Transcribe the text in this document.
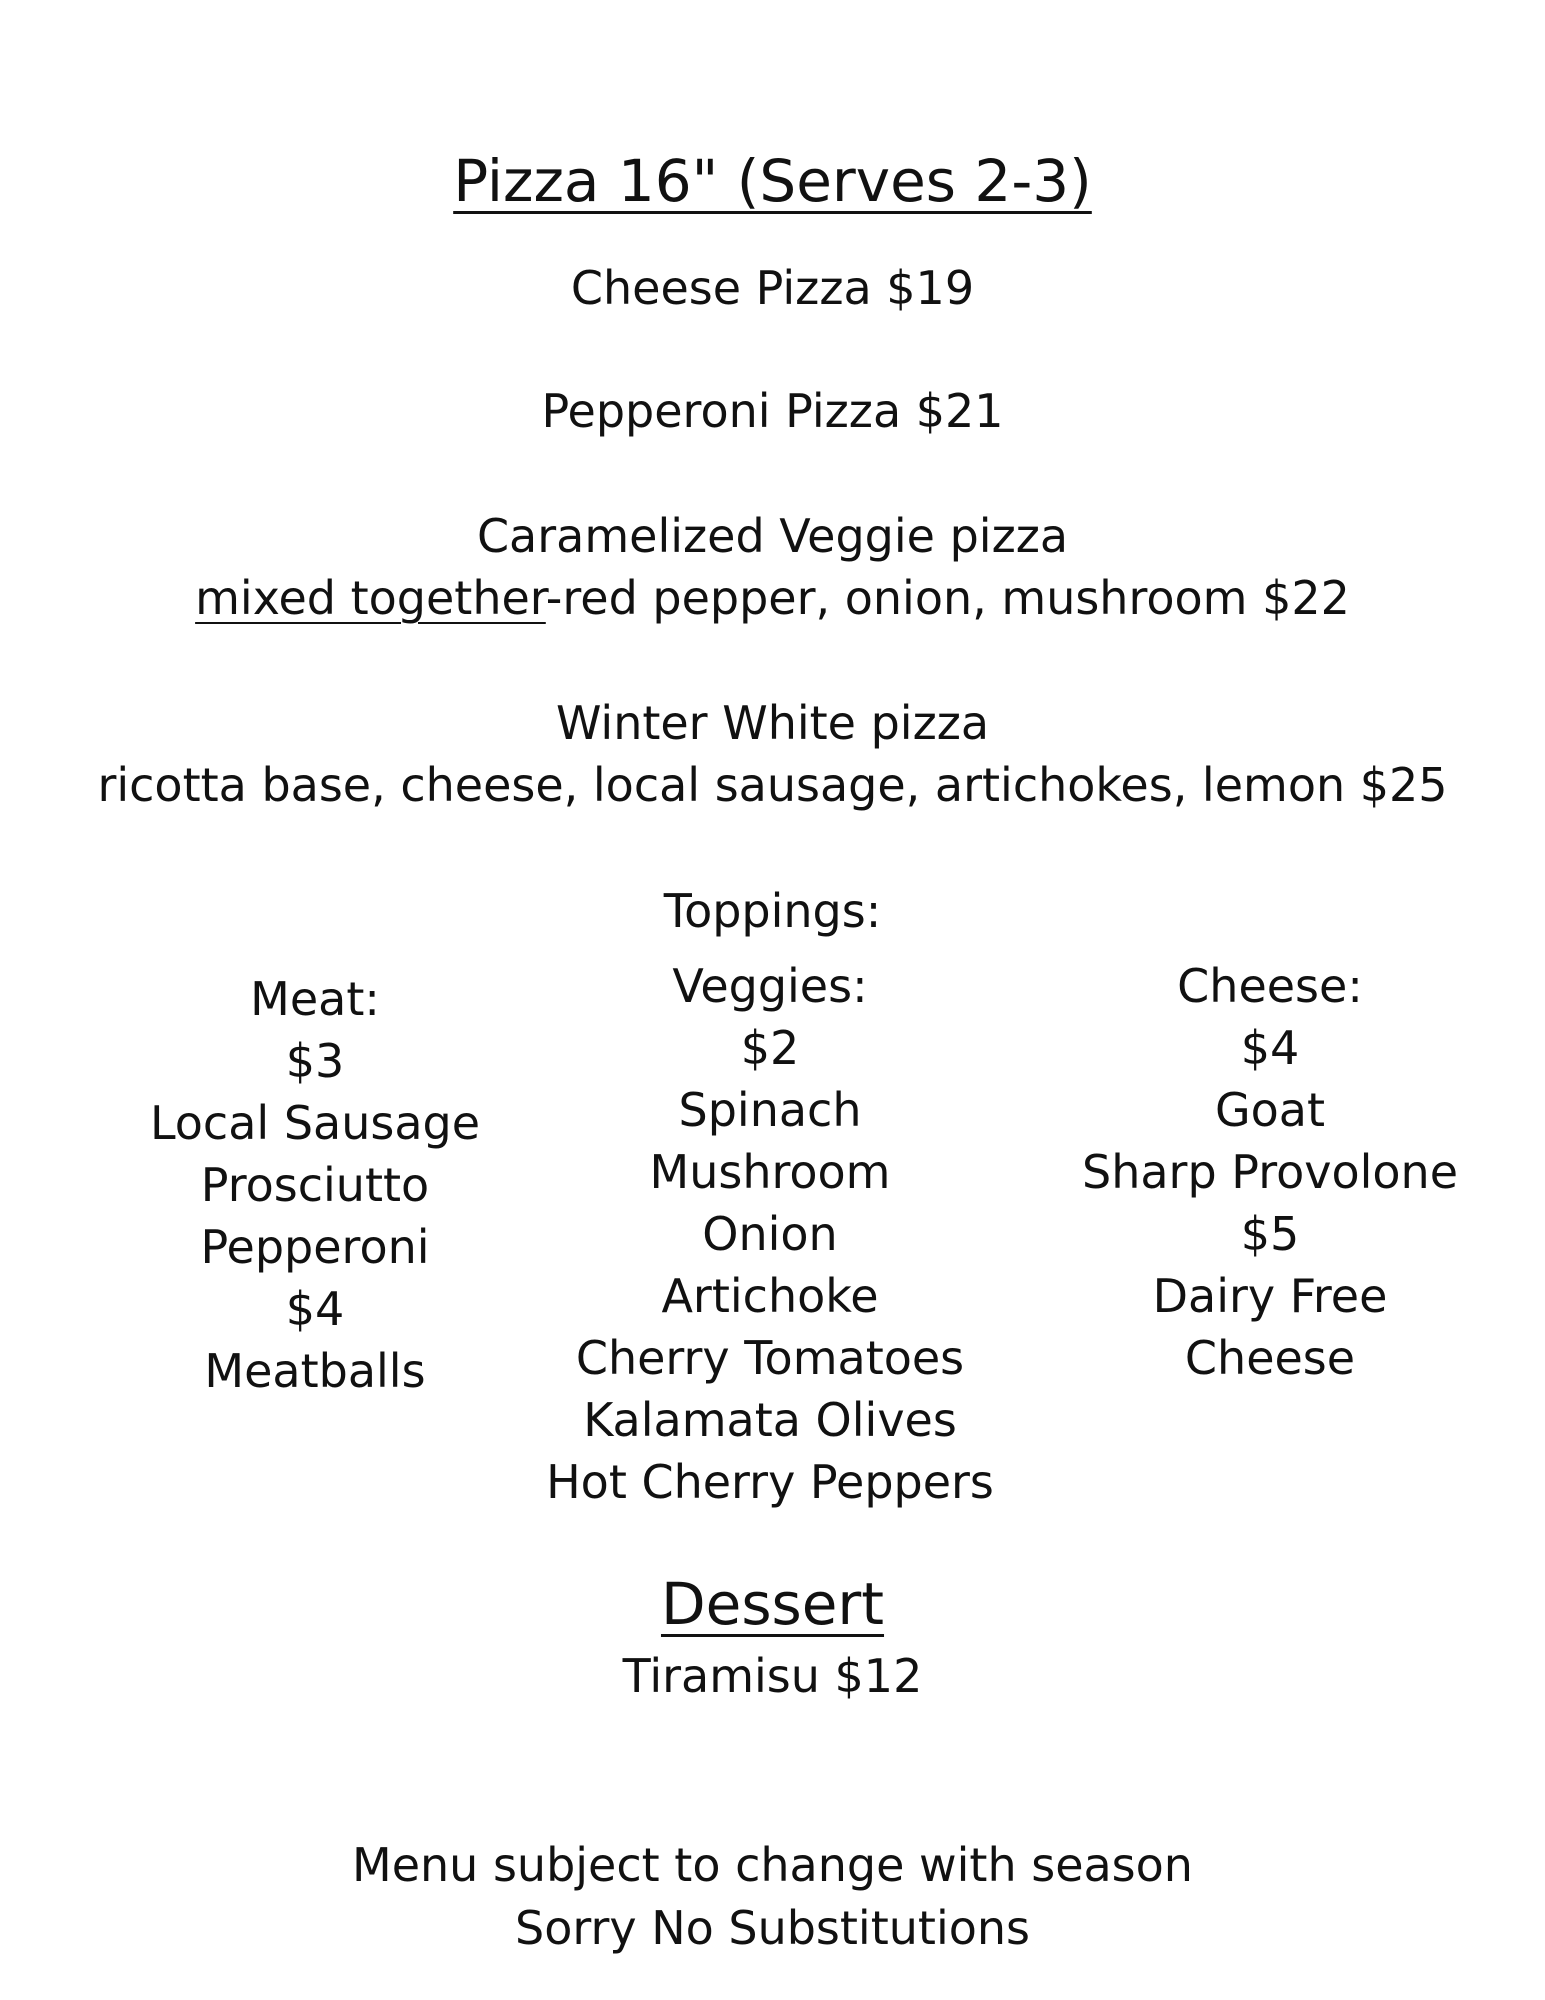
Pizza 16" (Serves 2-3)
Cheese Pizza $19
Pepperoni Pizza $21
Caramelized Veggie pizza
mixed together-red pepper, onion, mushroom $22
Winter White pizza
ricotta base, cheese, local sausage, artichokes, lemon $25
Toppings:
Meat:
$3
Local Sausage
Prosciutto
Pepperoni
$4
Meatballs
Veggies:
$2
Spinach
Mushroom
Onion
Artichoke
Cherry Tomatoes
Kalamata Olives
Hot Cherry Peppers
Cheese:
$4
Goat
Sharp Provolone
$5
Dairy Free
Cheese
Dessert
Tiramisu $12
Menu subject to change with season
Sorry No Substitutions
